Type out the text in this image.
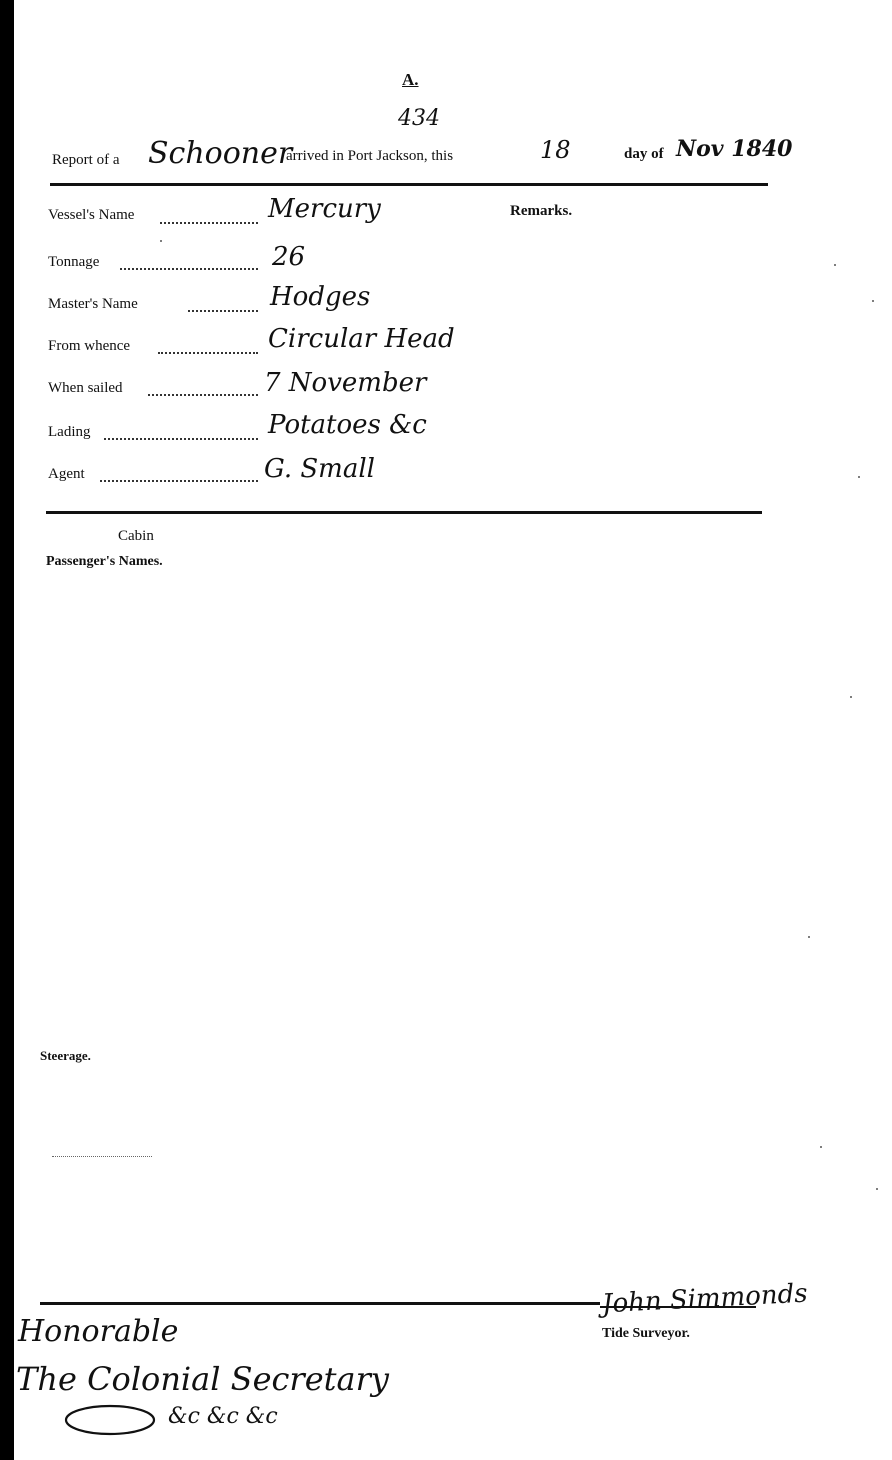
A.
434
Report of a Schooner
arrived in Port Jackson, this	18	day of Nov 1840
Vessel's Name	Mercury	Remarks.
Tonnage	26
Master's Name	Hodges
From whence	Circular Head
When sailed	7 November
Lading	Potatoes &c
Agent	G. Small
Cabin
Passenger's Names.
Steerage.
John Simmonds
Tide Surveyor.
Honorable
The Colonial Secretary
&c &c &c
